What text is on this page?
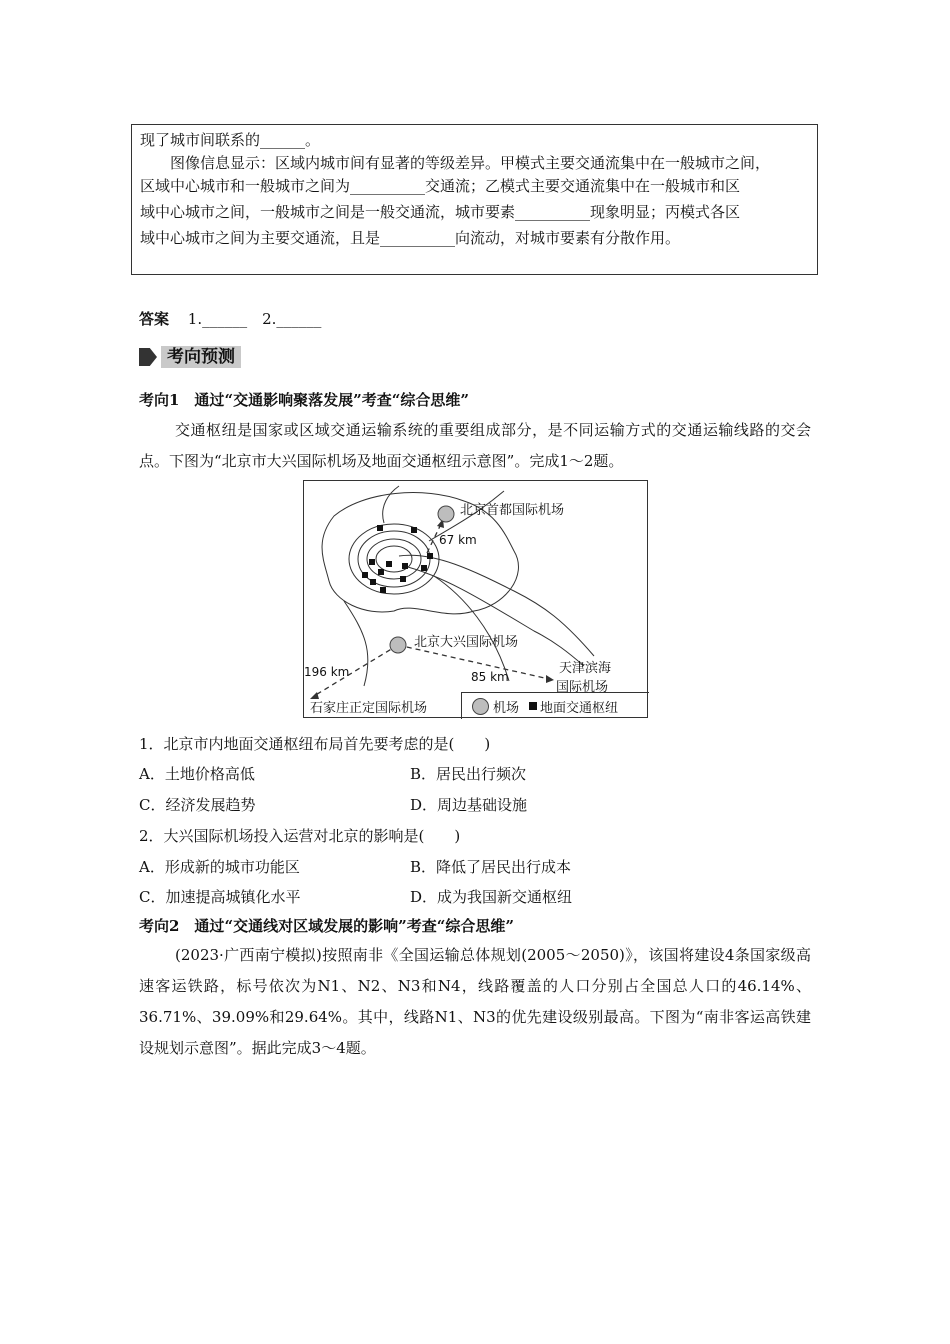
现了城市间联系的______。

图像信息显示：区域内城市间有显著的等级差异。甲模式主要交通流集中在一般城市之间，

区域中心城市和一般城市之间为__________交通流；乙模式主要交通流集中在一般城市和区

域中心城市之间，一般城市之间是一般交通流，城市要素__________现象明显；丙模式各区

域中心城市之间为主要交通流，且是__________向流动，对城市要素有分散作用。

答案 1.______　2.______
考向预测
考向1　通过“交通影响聚落发展”考查“综合思维”
交通枢纽是国家或区域交通运输系统的重要组成部分，是不同运输方式的交通运输线路的交会点。下图为“北京市大兴国际机场及地面交通枢纽示意图”。完成1～2题。
北京首都国际机场
67 km
北京大兴国际机场
196 km	天津滨海
85 km
国际机场
石家庄正定国际机场	机场 地面交通枢纽
1．北京市内地面交通枢纽布局首先要考虑的是(　　)
A．土地价格高低	B．居民出行频次
C．经济发展趋势	D．周边基础设施
2．大兴国际机场投入运营对北京的影响是(　　)
A．形成新的城市功能区	B．降低了居民出行成本
C．加速提高城镇化水平	D．成为我国新交通枢纽
考向2　通过“交通线对区域发展的影响”考查“综合思维”
(2023·广西南宁模拟)按照南非《全国运输总体规划(2005～2050)》，该国将建设4条国家级高速客运铁路，标号依次为N1、N2、N3和N4，线路覆盖的人口分别占全国总人口的46.14%、36.71%、39.09%和29.64%。其中，线路N1、N3的优先建设级别最高。下图为“南非客运高铁建设规划示意图”。据此完成3～4题。
